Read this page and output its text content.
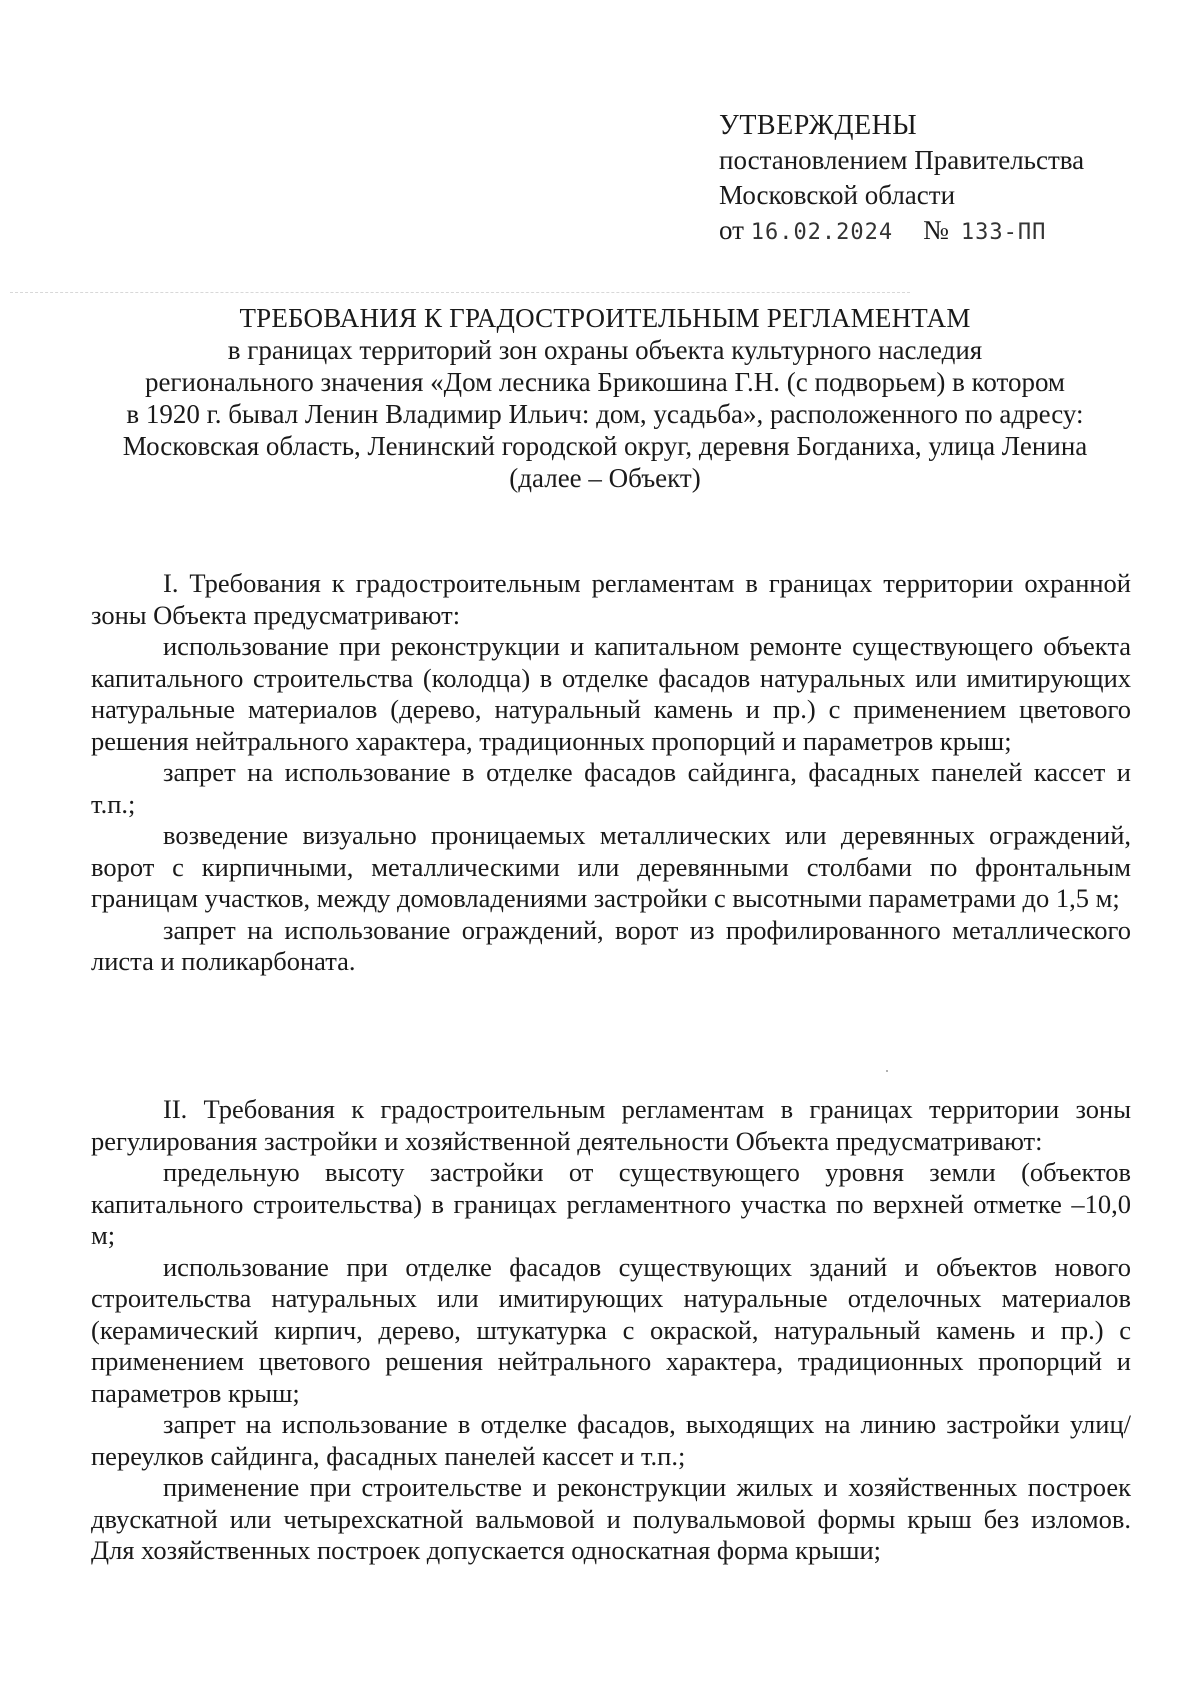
УТВЕРЖДЕНЫ
постановлением Правительства
Московской области
от 16.02.2024 № 133-ПП
ТРЕБОВАНИЯ К ГРАДОСТРОИТЕЛЬНЫМ РЕГЛАМЕНТАМ
в границах территорий зон охраны объекта культурного наследия
регионального значения «Дом лесника Брикошина Г.Н. (с подворьем) в котором
в 1920 г. бывал Ленин Владимир Ильич: дом, усадьба», расположенного по адресу:
Московская область, Ленинский городской округ, деревня Богданиха, улица Ленина
(далее – Объект)

I. Требования к градостроительным регламентам в границах территории охранной зоны Объекта предусматривают:

использование при реконструкции и капитальном ремонте существующего объекта капитального строительства (колодца) в отделке фасадов натуральных или имитирующих натуральные материалов (дерево, натуральный камень и пр.) с применением цветового решения нейтрального характера, традиционных пропорций и параметров крыш;

запрет на использование в отделке фасадов сайдинга, фасадных панелей кассет и т.п.;

возведение визуально проницаемых металлических или деревянных ограждений, ворот с кирпичными, металлическими или деревянными столбами по фронтальным границам участков, между домовладениями застройки с высотными параметрами до 1,5 м;

запрет на использование ограждений, ворот из профилированного металлического листа и поликарбоната.

II. Требования к градостроительным регламентам в границах территории зоны регулирования застройки и хозяйственной деятельности Объекта предусматривают:

предельную высоту застройки от существующего уровня земли (объектов капитального строительства) в границах регламентного участка по верхней отметке –10,0 м;

использование при отделке фасадов существующих зданий и объектов нового строительства натуральных или имитирующих натуральные отделочных материалов (керамический кирпич, дерево, штукатурка с окраской, натуральный камень и пр.) с применением цветового решения нейтрального характера, традиционных пропорций и параметров крыш;

запрет на использование в отделке фасадов, выходящих на линию застройки улиц/переулков сайдинга, фасадных панелей кассет и т.п.;

применение при строительстве и реконструкции жилых и хозяйственных построек двускатной или четырехскатной вальмовой и полувальмовой формы крыш без изломов. Для хозяйственных построек допускается односкатная форма крыши;
